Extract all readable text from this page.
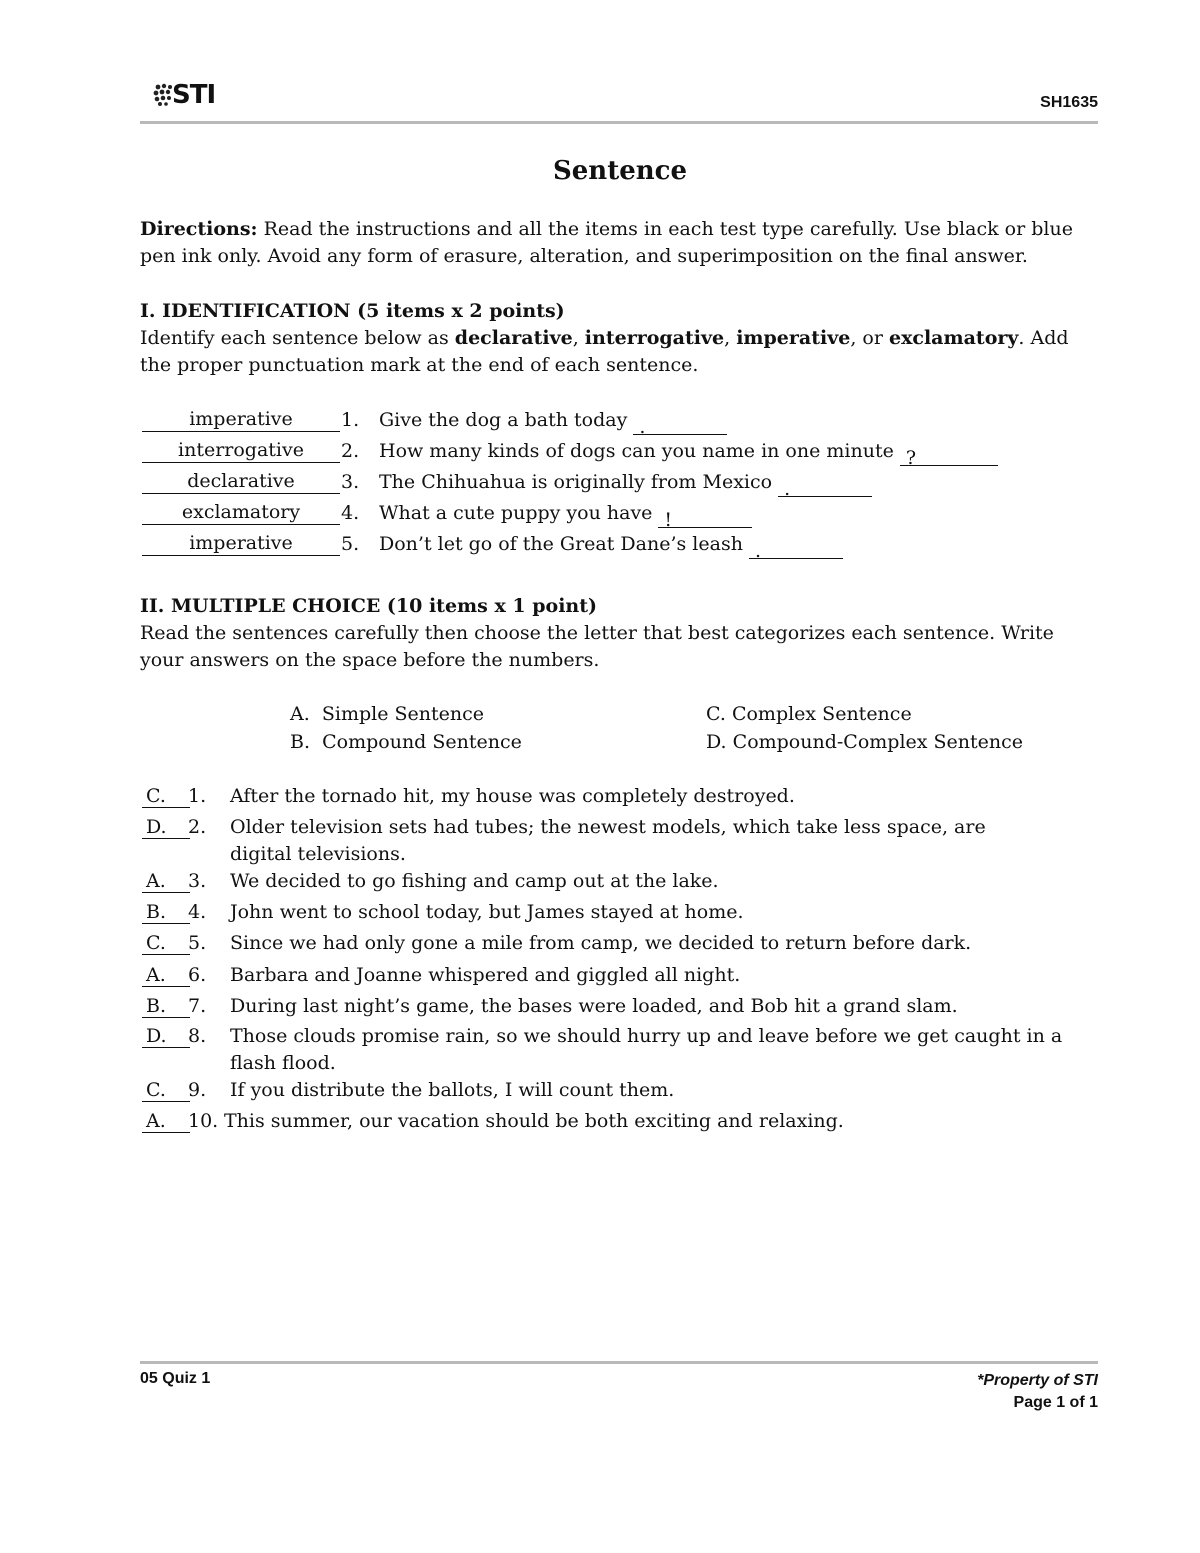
STI	SH1635
Sentence
Directions: Read the instructions and all the items in each test type carefully. Use black or blue pen ink only. Avoid any form of erasure, alteration, and superimposition on the final answer.
I. IDENTIFICATION (5 items x 2 points)
Identify each sentence below as declarative, interrogative, imperative, or exclamatory. Add the proper punctuation mark at the end of each sentence.
imperative	1. Give the dog a bath today .
interrogative	2. How many kinds of dogs can you name in one minute ?
declarative	3. The Chihuahua is originally from Mexico .
exclamatory	4. What a cute puppy you have !
imperative	5. Don’t let go of the Great Dane’s leash .
II. MULTIPLE CHOICE (10 items x 1 point)
Read the sentences carefully then choose the letter that best categorizes each sentence. Write your answers on the space before the numbers.
A. Simple Sentence
B. Compound Sentence
C. Complex Sentence
D. Compound-Complex Sentence
C.	1. After the tornado hit, my house was completely destroyed.
D.	2. Older television sets had tubes; the newest models, which take less space, are digital televisions.
A.	3. We decided to go fishing and camp out at the lake.
B.	4. John went to school today, but James stayed at home.
C.	5. Since we had only gone a mile from camp, we decided to return before dark.
A.	6. Barbara and Joanne whispered and giggled all night.
B.	7. During last night’s game, the bases were loaded, and Bob hit a grand slam.
D.	8. Those clouds promise rain, so we should hurry up and leave before we get caught in a flash flood.
C.	9. If you distribute the ballots, I will count them.
A.	10. This summer, our vacation should be both exciting and relaxing.
05 Quiz 1	*Property of STI
Page 1 of 1
